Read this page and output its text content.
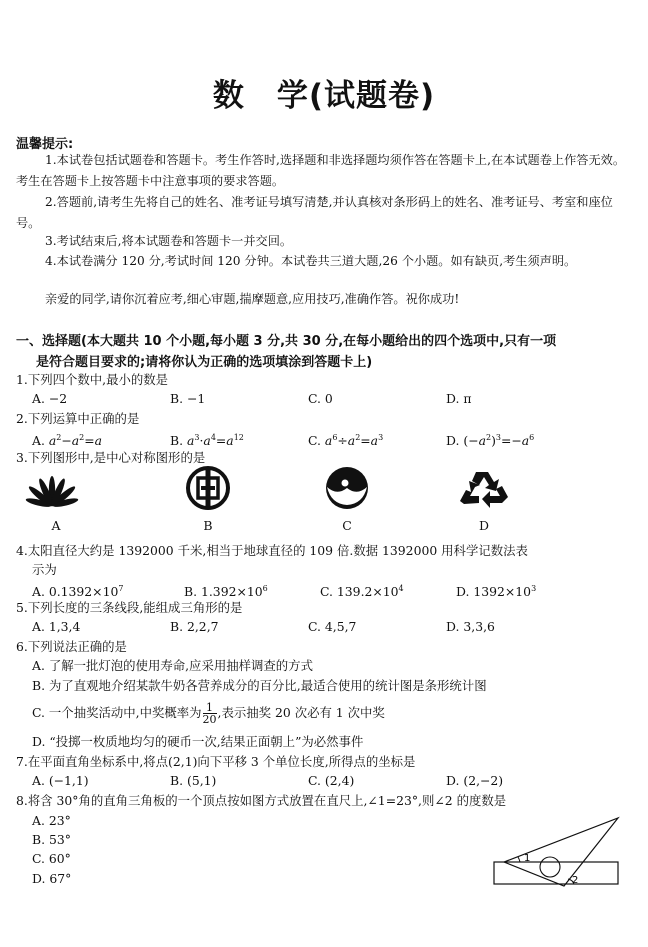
数　学(试题卷)
温馨提示:
1.本试卷包括试题卷和答题卡。考生作答时,选择题和非选择题均须作答在答题卡上,在本试题卷上作答无效。考生在答题卡上按答题卡中注意事项的要求答题。
2.答题前,请考生先将自己的姓名、准考证号填写清楚,并认真核对条形码上的姓名、准考证号、考室和座位号。
3.考试结束后,将本试题卷和答题卡一并交回。
4.本试卷满分 120 分,考试时间 120 分钟。本试卷共三道大题,26 个小题。如有缺页,考生须声明。
亲爱的同学,请你沉着应考,细心审题,揣摩题意,应用技巧,准确作答。祝你成功!
一、选择题(本大题共 10 个小题,每小题 3 分,共 30 分,在每小题给出的四个选项中,只有一项
是符合题目要求的;请将你认为正确的选项填涂到答题卡上)
1.下列四个数中,最小的数是
A. −2	B. −1	C. 0	D. π
2.下列运算中正确的是
A. $a^2-a^2=a$	B. $a^3\cdot a^4=a^{12}$	C. $a^6\div a^2=a^3$	D. $(-a^2)^3=-a^6$
3.下列图形中,是中心对称图形的是
A	B	C	D
4.太阳直径大约是 1392000 千米,相当于地球直径的 109 倍.数据 1392000 用科学记数法表
示为
A. $0.1392\times 10^7$	B. $1.392\times 10^6$	C. $139.2\times 10^4$	D. $1392\times 10^3$
5.下列长度的三条线段,能组成三角形的是
A. 1,3,4	B. 2,2,7	C. 4,5,7	D. 3,3,6
6.下列说法正确的是
A. 了解一批灯泡的使用寿命,应采用抽样调查的方式
B. 为了直观地介绍某款牛奶各营养成分的百分比,最适合使用的统计图是条形统计图
C. 一个抽奖活动中,中奖概率为 $\frac{1}{20}$ ,表示抽奖 20 次必有 1 次中奖
D. “投掷一枚质地均匀的硬币一次,结果正面朝上”为必然事件
7.在平面直角坐标系中,将点(2,1)向下平移 3 个单位长度,所得点的坐标是
A. (−1,1)	B. (5,1)	C. (2,4)	D. (2,−2)
8.将含 30°角的直角三角板的一个顶点按如图方式放置在直尺上,∠1=23°,则∠2 的度数是
A. 23°
B. 53°
C. 60°
D. 67°
1
2
